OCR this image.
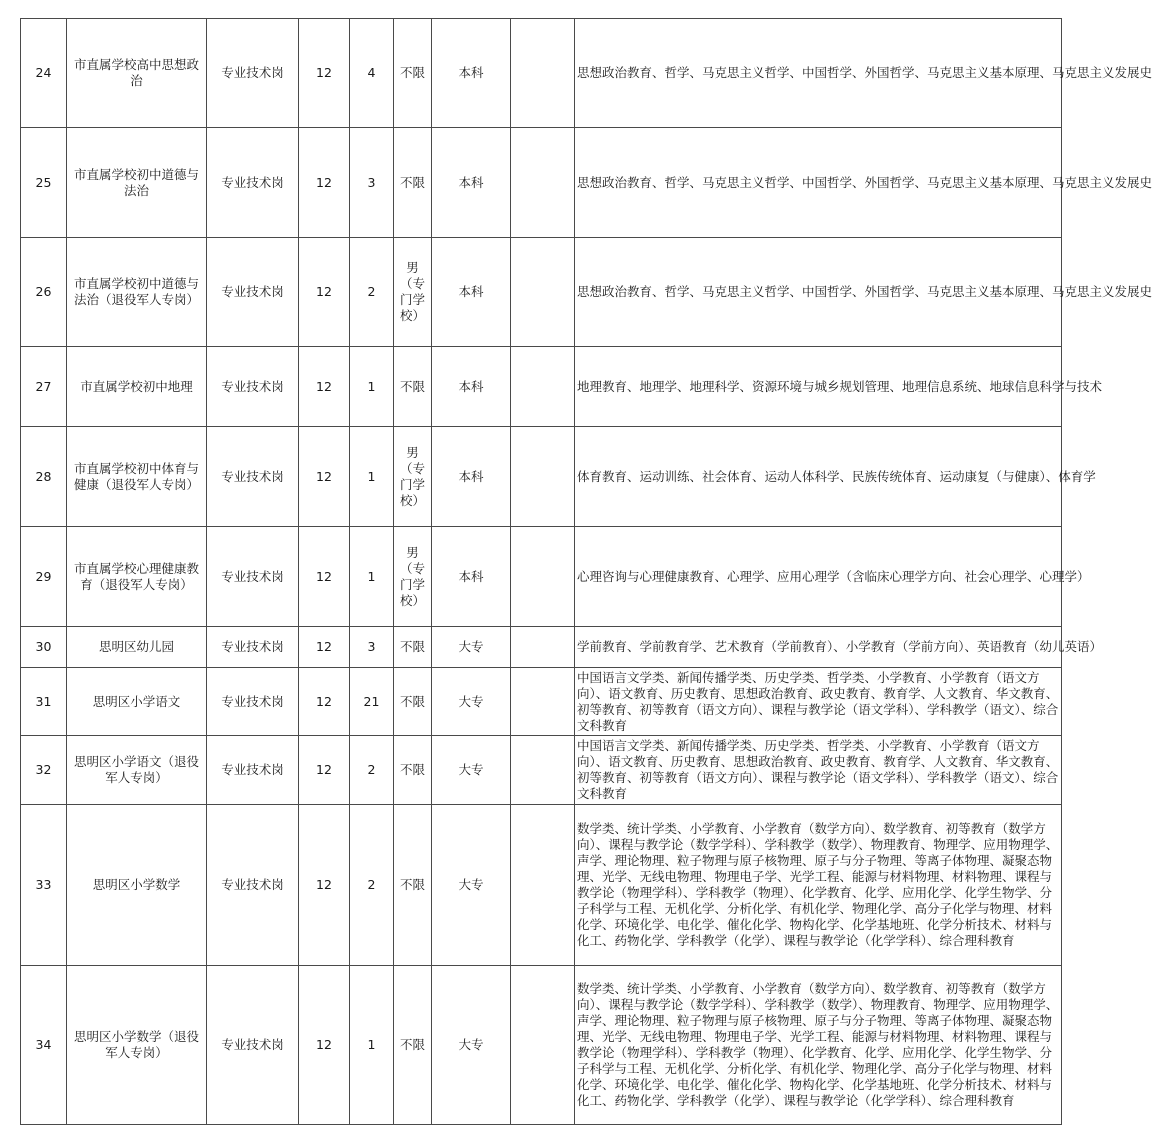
24	市直属学校高中思想政治	专业技术岗	12	4	不限	本科		思想政治教育、哲学、马克思主义哲学、中国哲学、外国哲学、马克思主义基本原理、马克思主义发展史

25	市直属学校初中道德与法治	专业技术岗	12	3	不限	本科		思想政治教育、哲学、马克思主义哲学、中国哲学、外国哲学、马克思主义基本原理、马克思主义发展史

26	市直属学校初中道德与法治（退役军人专岗）	专业技术岗	12	2	男（专门学校）	本科		思想政治教育、哲学、马克思主义哲学、中国哲学、外国哲学、马克思主义基本原理、马克思主义发展史

27	市直属学校初中地理	专业技术岗	12	1	不限	本科		地理教育、地理学、地理科学、资源环境与城乡规划管理、地理信息系统、地球信息科学与技术

28	市直属学校初中体育与健康（退役军人专岗）	专业技术岗	12	1	男（专门学校）	本科		体育教育、运动训练、社会体育、运动人体科学、民族传统体育、运动康复（与健康）、体育学

29	市直属学校心理健康教育（退役军人专岗）	专业技术岗	12	1	男（专门学校）	本科		心理咨询与心理健康教育、心理学、应用心理学（含临床心理学方向、社会心理学、心理学）

30	思明区幼儿园	专业技术岗	12	3	不限	大专		学前教育、学前教育学、艺术教育（学前教育）、小学教育（学前方向）、英语教育（幼儿英语）

31	思明区小学语文	专业技术岗	12	21	不限	大专		中国语言文学类、新闻传播学类、历史学类、哲学类、小学教育、小学教育（语文方向）、语文教育、历史教育、思想政治教育、政史教育、教育学、人文教育、华文教育、初等教育、初等教育（语文方向）、课程与教学论（语文学科）、学科教学（语文）、综合文科教育

32	思明区小学语文（退役军人专岗）	专业技术岗	12	2	不限	大专		中国语言文学类、新闻传播学类、历史学类、哲学类、小学教育、小学教育（语文方向）、语文教育、历史教育、思想政治教育、政史教育、教育学、人文教育、华文教育、初等教育、初等教育（语文方向）、课程与教学论（语文学科）、学科教学（语文）、综合文科教育

33	思明区小学数学	专业技术岗	12	2	不限	大专		数学类、统计学类、小学教育、小学教育（数学方向）、数学教育、初等教育（数学方向）、课程与教学论（数学学科）、学科教学（数学）、物理教育、物理学、应用物理学、声学、理论物理、粒子物理与原子核物理、原子与分子物理、等离子体物理、凝聚态物理、光学、无线电物理、物理电子学、光学工程、能源与材料物理、材料物理、课程与教学论（物理学科）、学科教学（物理）、化学教育、化学、应用化学、化学生物学、分子科学与工程、无机化学、分析化学、有机化学、物理化学、高分子化学与物理、材料化学、环境化学、电化学、催化化学、物构化学、化学基地班、化学分析技术、材料与化工、药物化学、学科教学（化学）、课程与教学论（化学学科）、综合理科教育

34	思明区小学数学（退役军人专岗）	专业技术岗	12	1	不限	大专		数学类、统计学类、小学教育、小学教育（数学方向）、数学教育、初等教育（数学方向）、课程与教学论（数学学科）、学科教学（数学）、物理教育、物理学、应用物理学、声学、理论物理、粒子物理与原子核物理、原子与分子物理、等离子体物理、凝聚态物理、光学、无线电物理、物理电子学、光学工程、能源与材料物理、材料物理、课程与教学论（物理学科）、学科教学（物理）、化学教育、化学、应用化学、化学生物学、分子科学与工程、无机化学、分析化学、有机化学、物理化学、高分子化学与物理、材料化学、环境化学、电化学、催化化学、物构化学、化学基地班、化学分析技术、材料与化工、药物化学、学科教学（化学）、课程与教学论（化学学科）、综合理科教育
